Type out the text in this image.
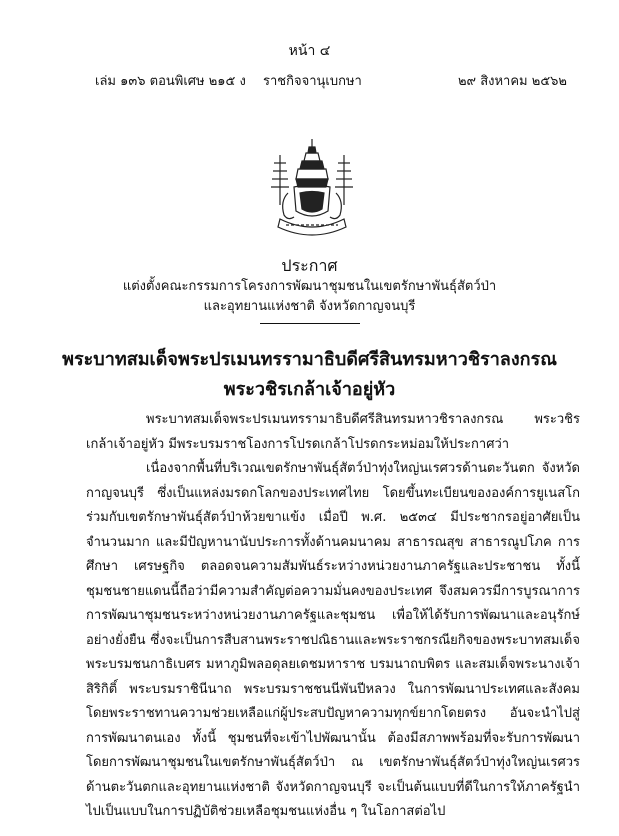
หน้า ๔
เล่ม ๑๓๖ ตอนพิเศษ ๒๑๕ ง ราชกิจจานุเบกษา	๒๙ สิงหาคม ๒๕๖๒

ประกาศ

แต่งตั้งคณะกรรมการโครงการพัฒนาชุมชนในเขตรักษาพันธุ์สัตว์ป่า

และอุทยานแห่งชาติ จังหวัดกาญจนบุรี

พระบาทสมเด็จพระปรเมนทรรามาธิบดีศรีสินทรมหาวชิราลงกรณ
พระวชิรเกล้าเจ้าอยู่หัว

พระบาทสมเด็จพระปรเมนทรรามาธิบดีศรีสินทรมหาวชิราลงกรณ พระวชิรเกล้าเจ้าอยู่หัว มีพระบรมราชโองการโปรดเกล้าโปรดกระหม่อมให้ประกาศว่า

เนื่องจากพื้นที่บริเวณเขตรักษาพันธุ์สัตว์ป่าทุ่งใหญ่นเรศวรด้านตะวันตก จังหวัดกาญจนบุรี ซึ่งเป็นแหล่งมรดกโลกของประเทศไทย โดยขึ้นทะเบียนขององค์การยูเนสโกร่วมกับเขตรักษาพันธุ์สัตว์ป่าห้วยขาแข้ง เมื่อปี พ.ศ. ๒๕๓๔ มีประชากรอยู่อาศัยเป็นจำนวนมาก และมีปัญหานานับประการทั้งด้านคมนาคม สาธารณสุข สาธารณูปโภค การศึกษา เศรษฐกิจ ตลอดจนความสัมพันธ์ระหว่างหน่วยงานภาครัฐและประชาชน ทั้งนี้ ชุมชนชายแดนนี้ถือว่ามีความสำคัญต่อความมั่นคงของประเทศ จึงสมควรมีการบูรณาการการพัฒนาชุมชนระหว่างหน่วยงานภาครัฐและชุมชน เพื่อให้ได้รับการพัฒนาและอนุรักษ์อย่างยั่งยืน ซึ่งจะเป็นการสืบสานพระราชปณิธานและพระราชกรณียกิจของพระบาทสมเด็จพระบรมชนกาธิเบศร มหาภูมิพลอดุลยเดชมหาราช บรมนาถบพิตร และสมเด็จพระนางเจ้าสิริกิติ์ พระบรมราชินีนาถ พระบรมราชชนนีพันปีหลวง ในการพัฒนาประเทศและสังคม โดยพระราชทานความช่วยเหลือแก่ผู้ประสบปัญหาความทุกข์ยากโดยตรง อันจะนำไปสู่การพัฒนาตนเอง ทั้งนี้ ชุมชนที่จะเข้าไปพัฒนานั้น ต้องมีสภาพพร้อมที่จะรับการพัฒนา โดยการพัฒนาชุมชนในเขตรักษาพันธุ์สัตว์ป่า ณ เขตรักษาพันธุ์สัตว์ป่าทุ่งใหญ่นเรศวรด้านตะวันตกและอุทยานแห่งชาติ จังหวัดกาญจนบุรี จะเป็นต้นแบบที่ดีในการให้ภาครัฐนำไปเป็นแบบในการปฏิบัติช่วยเหลือชุมชนแห่งอื่น ๆ ในโอกาสต่อไป
